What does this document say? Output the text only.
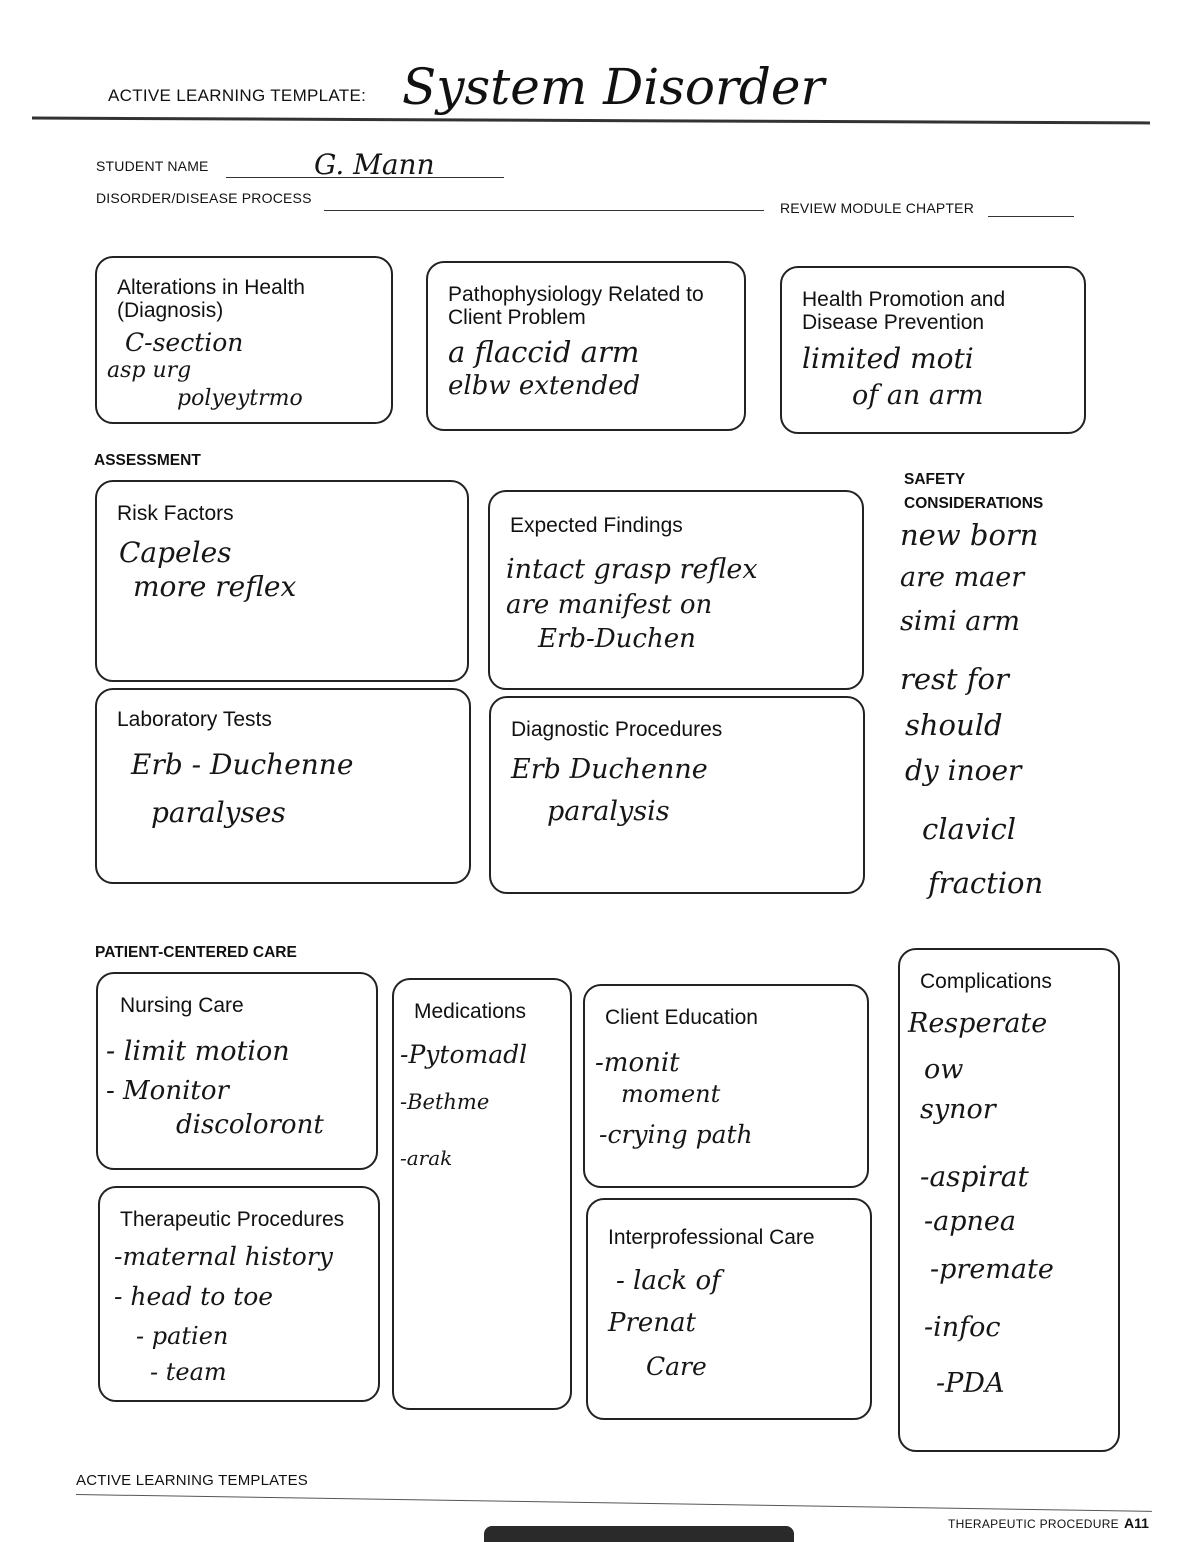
ACTIVE LEARNING TEMPLATE: System Disorder
STUDENT NAME	G. Mann
DISORDER/DISEASE PROCESS
REVIEW MODULE CHAPTER
Alterations in Health (Diagnosis)
C-section
asp urg
polyeytrmo
Pathophysiology Related to Client Problem
a flaccid arm
elbw extended
Health Promotion and Disease Prevention
limited moti
of an arm
ASSESSMENT
Risk Factors
Capeles
more reflex
Expected Findings
intact grasp reflex
are manifest on
Erb-Duchen
Laboratory Tests
Erb - Duchenne
paralyses
Diagnostic Procedures
Erb Duchenne
paralysis
SAFETY CONSIDERATIONS
new born
are maer
simi arm
rest for
should
dy inoer
clavicl
fraction
PATIENT-CENTERED CARE
Nursing Care
- limit motion
- Monitor
discoloront
Medications
-Pytomadl
-Bethme
-arak
Client Education
-monit
moment
-crying path
Therapeutic Procedures
-maternal history
- head to toe
- patien
- team
Interprofessional Care
- lack of
Prenat
Care
Complications
Resperate
ow
synor
-aspirat
-apnea
-premate
-infoc
-PDA
ACTIVE LEARNING TEMPLATES
THERAPEUTIC PROCEDURE A11
